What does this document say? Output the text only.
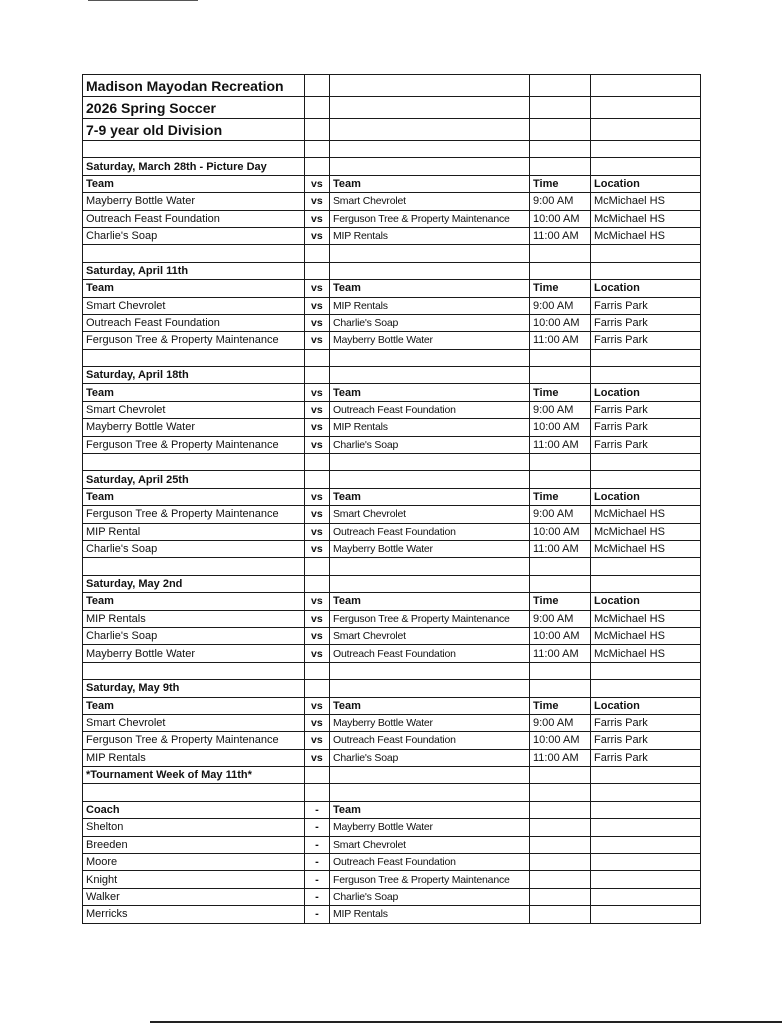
Madison Mayodan Recreation				
2026 Spring Soccer				
7-9 year old Division				

Saturday, March 28th - Picture Day				
Team	vs	Team	Time	Location
Mayberry Bottle Water	vs	Smart Chevrolet	9:00 AM	McMichael HS
Outreach Feast Foundation	vs	Ferguson Tree & Property Maintenance	10:00 AM	McMichael HS
Charlie's Soap	vs	MIP Rentals	11:00 AM	McMichael HS

Saturday, April 11th				
Team	vs	Team	Time	Location
Smart Chevrolet	vs	MIP Rentals	9:00 AM	Farris Park
Outreach Feast Foundation	vs	Charlie's Soap	10:00 AM	Farris Park
Ferguson Tree & Property Maintenance	vs	Mayberry Bottle Water	11:00 AM	Farris Park

Saturday, April 18th				
Team	vs	Team	Time	Location
Smart Chevrolet	vs	Outreach Feast Foundation	9:00 AM	Farris Park
Mayberry Bottle Water	vs	MIP Rentals	10:00 AM	Farris Park
Ferguson Tree & Property Maintenance	vs	Charlie's Soap	11:00 AM	Farris Park

Saturday, April 25th				
Team	vs	Team	Time	Location
Ferguson Tree & Property Maintenance	vs	Smart Chevrolet	9:00 AM	McMichael HS
MIP Rental	vs	Outreach Feast Foundation	10:00 AM	McMichael HS
Charlie's Soap	vs	Mayberry Bottle Water	11:00 AM	McMichael HS

Saturday, May 2nd				
Team	vs	Team	Time	Location
MIP Rentals	vs	Ferguson Tree & Property Maintenance	9:00 AM	McMichael HS
Charlie's Soap	vs	Smart Chevrolet	10:00 AM	McMichael HS
Mayberry Bottle Water	vs	Outreach Feast Foundation	11:00 AM	McMichael HS

Saturday, May 9th				
Team	vs	Team	Time	Location
Smart Chevrolet	vs	Mayberry Bottle Water	9:00 AM	Farris Park
Ferguson Tree & Property Maintenance	vs	Outreach Feast Foundation	10:00 AM	Farris Park
MIP Rentals	vs	Charlie's Soap	11:00 AM	Farris Park
*Tournament Week of May 11th*				

Coach	-	Team		
Shelton	-	Mayberry Bottle Water		
Breeden	-	Smart Chevrolet		
Moore	-	Outreach Feast Foundation		
Knight	-	Ferguson Tree & Property Maintenance		
Walker	-	Charlie's Soap		
Merricks	-	MIP Rentals		
